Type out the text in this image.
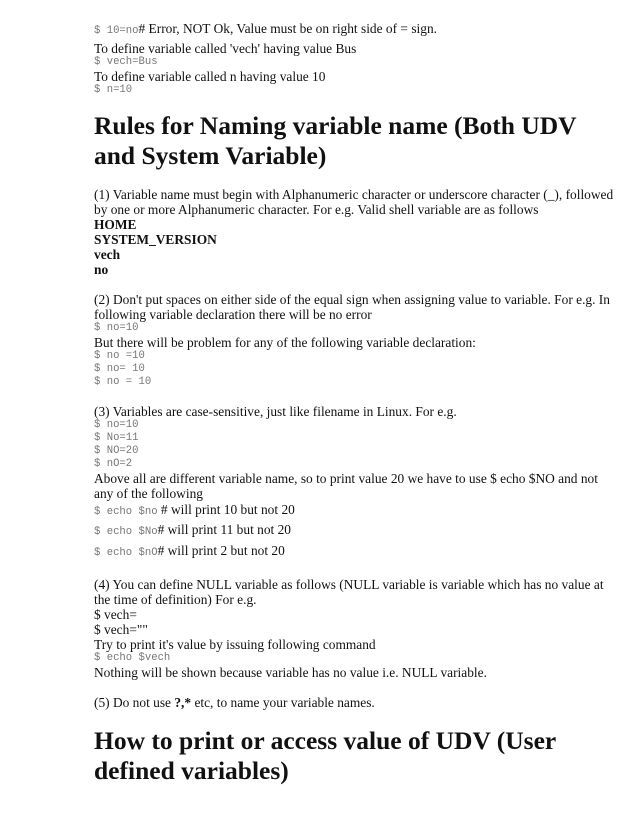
$ 10=no# Error, NOT Ok, Value must be on right side of = sign.

To define variable called 'vech' having value Bus

$ vech=Bus

To define variable called n having value 10

$ n=10

Rules for Naming variable name (Both UDV and System Variable)

(1) Variable name must begin with Alphanumeric character or underscore character (_), followed by one or more Alphanumeric character. For e.g. Valid shell variable are as follows

HOME

SYSTEM_VERSION

vech

no

(2) Don't put spaces on either side of the equal sign when assigning value to variable. For e.g. In following variable declaration there will be no error

$ no=10

But there will be problem for any of the following variable declaration:

$ no =10

$ no= 10

$ no = 10

(3) Variables are case-sensitive, just like filename in Linux. For e.g.

$ no=10

$ No=11

$ NO=20

$ nO=2

Above all are different variable name, so to print value 20 we have to use $ echo $NO and not any of the following

$ echo $no # will print 10 but not 20

$ echo $No# will print 11 but not 20

$ echo $nO# will print 2 but not 20

(4) You can define NULL variable as follows (NULL variable is variable which has no value at the time of definition) For e.g.

$ vech=

$ vech=""

Try to print it's value by issuing following command

$ echo $vech

Nothing will be shown because variable has no value i.e. NULL variable.

(5) Do not use ?,* etc, to name your variable names.

How to print or access value of UDV (User defined variables)
